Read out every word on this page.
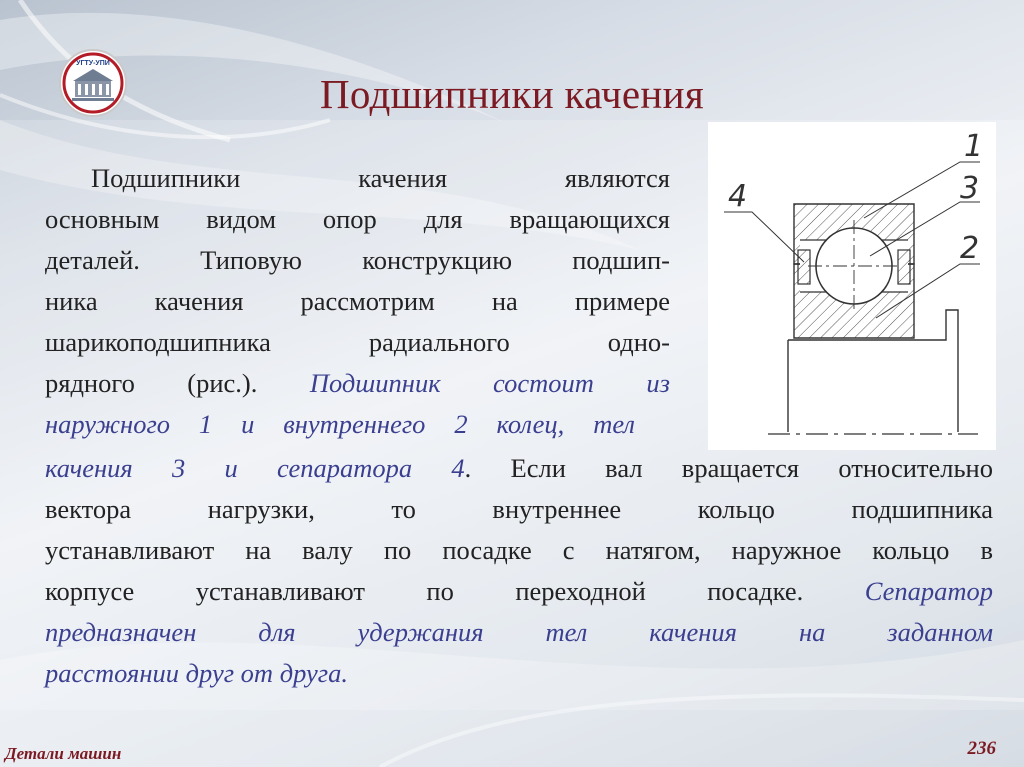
УГТУ-УПИ
Подшипники качения
Подшипники качения являются
основным видом опор для вращающихся
деталей. Типовую конструкцию подшип-
ника качения рассмотрим на примере
шарикоподшипника радиального одно-
рядного (рис.). Подшипник состоит из
наружного 1 и внутреннего 2 колец, тел
качения 3 и сепаратора 4. Если вал вращается относительно
вектора нагрузки, то внутреннее кольцо подшипника
устанавливают на валу по посадке с натягом, наружное кольцо в
корпусе устанавливают по переходной посадке. Сепаратор
предназначен для удержания тел качения на заданном
расстоянии друг от друга.
1
3
2
4
Детали машин	236
